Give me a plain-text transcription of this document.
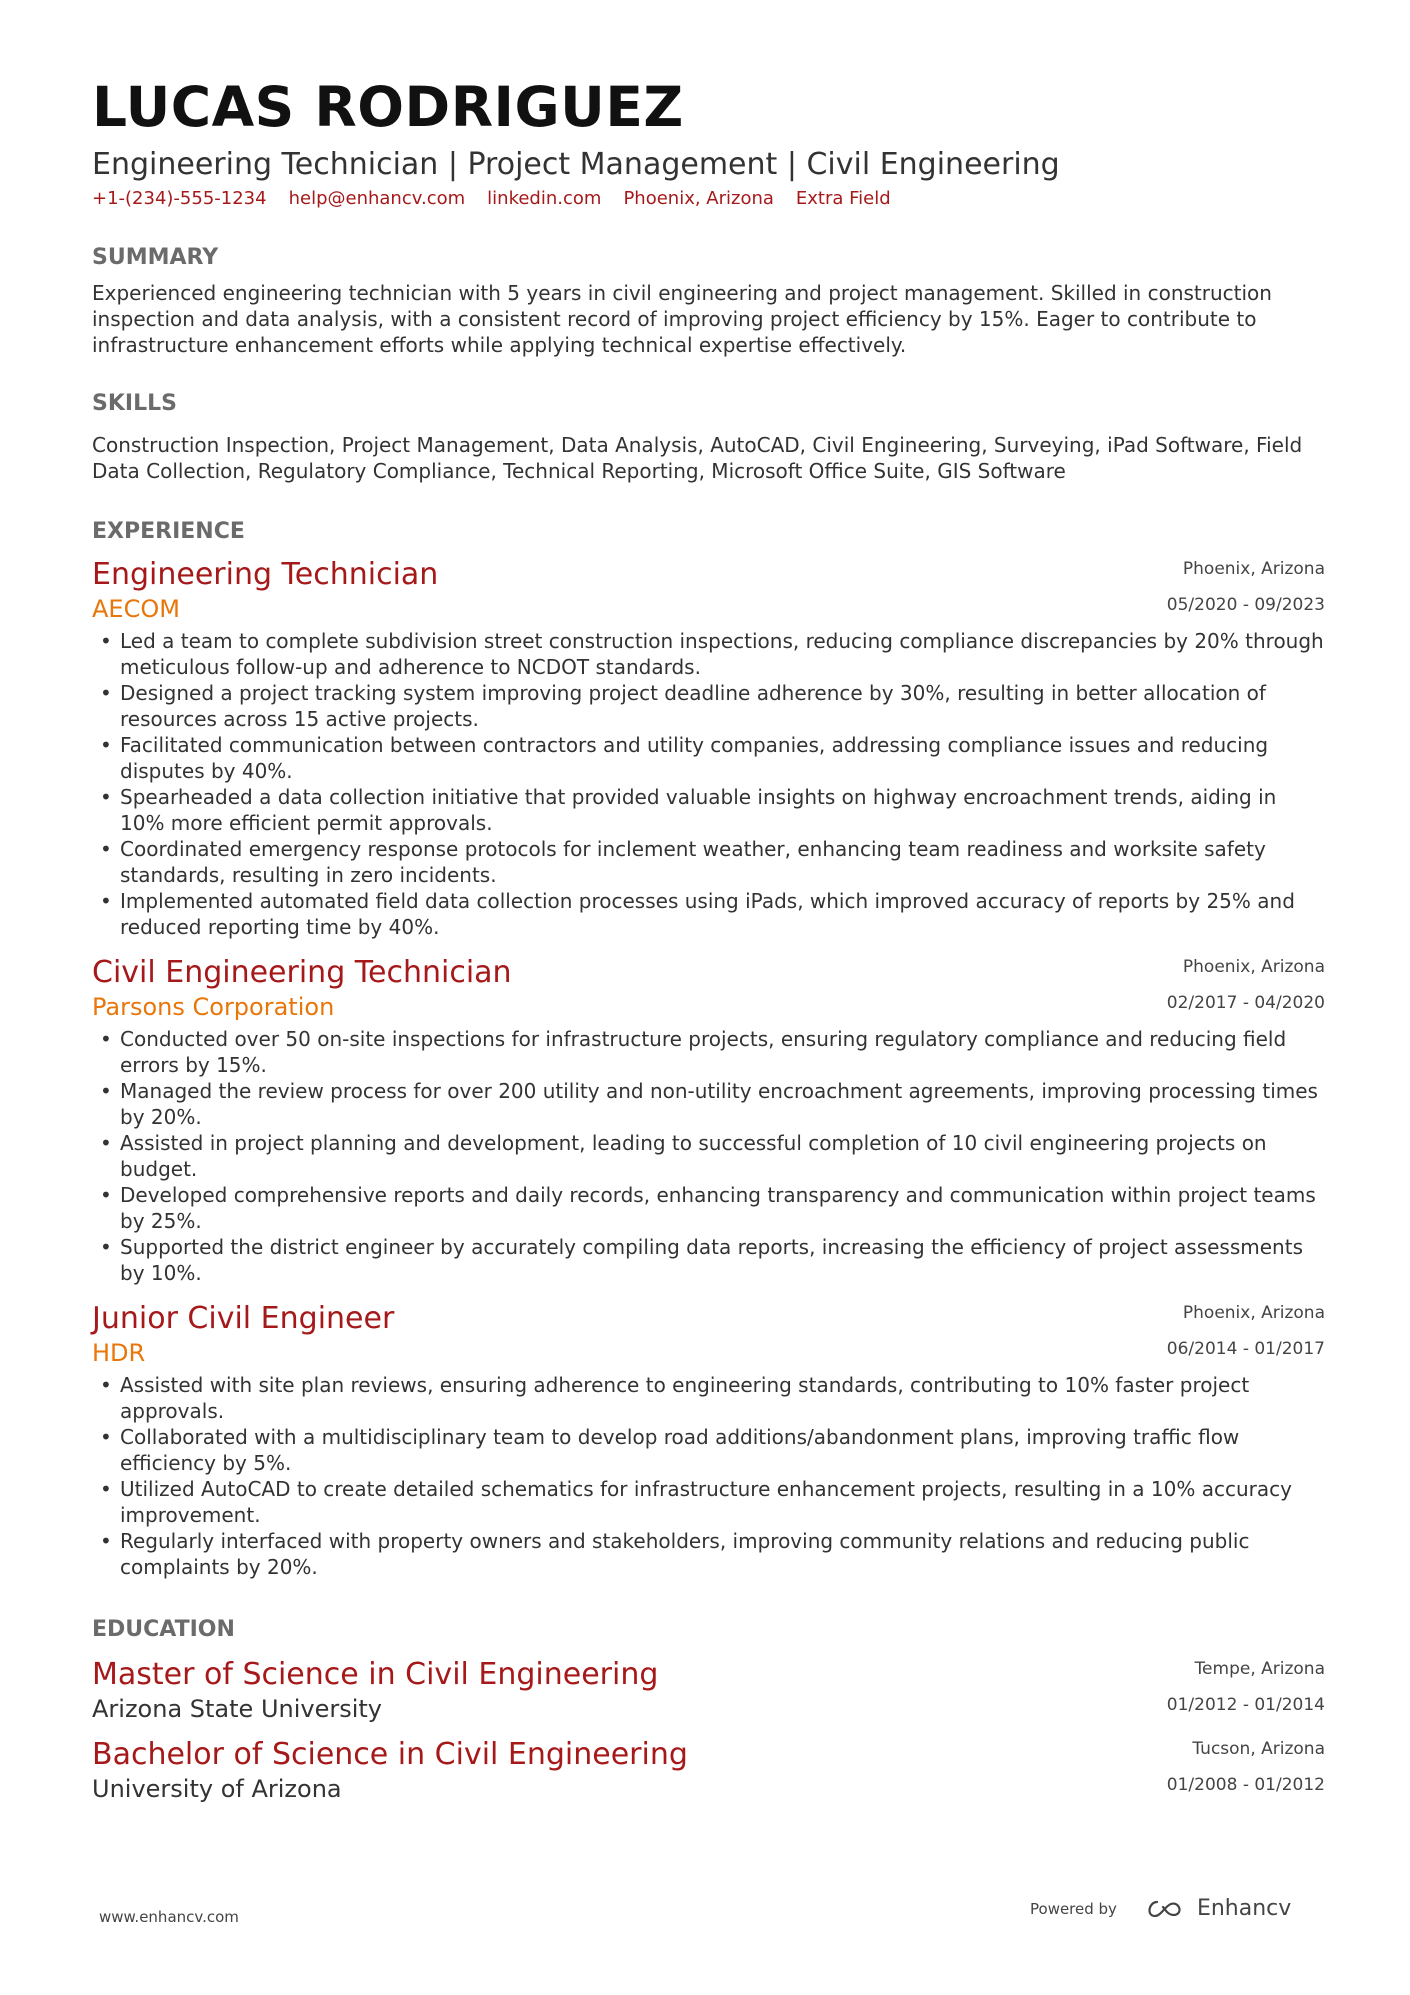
LUCAS RODRIGUEZ
Engineering Technician | Project Management | Civil Engineering
+1-(234)-555-1234 help@enhancv.com linkedin.com Phoenix, Arizona Extra Field
SUMMARY
Experienced engineering technician with 5 years in civil engineering and project management. Skilled in construction inspection and data analysis, with a consistent record of improving project efficiency by 15%. Eager to contribute to infrastructure enhancement efforts while applying technical expertise effectively.
SKILLS
Construction Inspection, Project Management, Data Analysis, AutoCAD, Civil Engineering, Surveying, iPad Software, Field Data Collection, Regulatory Compliance, Technical Reporting, Microsoft Office Suite, GIS Software
EXPERIENCE
Engineering Technician
AECOM
Phoenix, Arizona
05/2020 - 09/2023
• Led a team to complete subdivision street construction inspections, reducing compliance discrepancies by 20% through meticulous follow-up and adherence to NCDOT standards.
• Designed a project tracking system improving project deadline adherence by 30%, resulting in better allocation of resources across 15 active projects.
• Facilitated communication between contractors and utility companies, addressing compliance issues and reducing disputes by 40%.
• Spearheaded a data collection initiative that provided valuable insights on highway encroachment trends, aiding in 10% more efficient permit approvals.
• Coordinated emergency response protocols for inclement weather, enhancing team readiness and worksite safety standards, resulting in zero incidents.
• Implemented automated field data collection processes using iPads, which improved accuracy of reports by 25% and reduced reporting time by 40%.
Civil Engineering Technician
Parsons Corporation
Phoenix, Arizona
02/2017 - 04/2020
• Conducted over 50 on-site inspections for infrastructure projects, ensuring regulatory compliance and reducing field errors by 15%.
• Managed the review process for over 200 utility and non-utility encroachment agreements, improving processing times by 20%.
• Assisted in project planning and development, leading to successful completion of 10 civil engineering projects on budget.
• Developed comprehensive reports and daily records, enhancing transparency and communication within project teams by 25%.
• Supported the district engineer by accurately compiling data reports, increasing the efficiency of project assessments by 10%.
Junior Civil Engineer
HDR
Phoenix, Arizona
06/2014 - 01/2017
• Assisted with site plan reviews, ensuring adherence to engineering standards, contributing to 10% faster project approvals.
• Collaborated with a multidisciplinary team to develop road additions/abandonment plans, improving traffic flow efficiency by 5%.
• Utilized AutoCAD to create detailed schematics for infrastructure enhancement projects, resulting in a 10% accuracy improvement.
• Regularly interfaced with property owners and stakeholders, improving community relations and reducing public complaints by 20%.
EDUCATION
Master of Science in Civil Engineering
Arizona State University
Tempe, Arizona
01/2012 - 01/2014
Bachelor of Science in Civil Engineering
University of Arizona
Tucson, Arizona
01/2008 - 01/2012
www.enhancv.com	Powered by	Enhancv
